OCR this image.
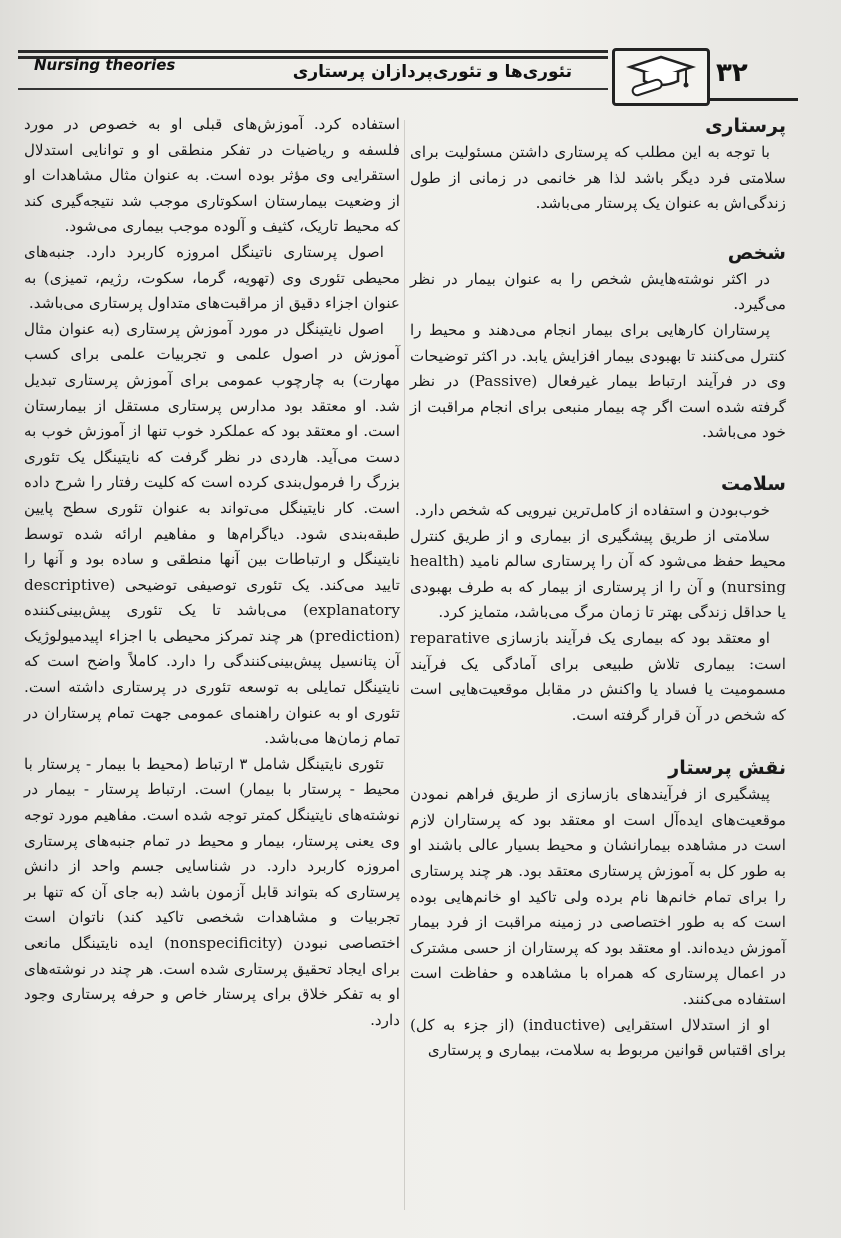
Nursing theories	تئوری‌ها و تئوری‌پردازان پرستاری	۳۲
پرستاری

با توجه به این مطلب که پرستاری داشتن مسئولیت برای سلامتی فرد دیگر باشد لذا هر خانمی در زمانی از طول زندگی‌اش به عنوان یک پرستار می‌باشد.

شخص

در اکثر نوشته‌هایش شخص را به عنوان بیمار در نظر می‌گیرد.

پرستاران کارهایی برای بیمار انجام می‌دهند و محیط را کنترل می‌کنند تا بهبودی بیمار افزایش یابد. در اکثر توضیحات وی در فرآیند ارتباط بیمار غیرفعال (Passive) در نظر گرفته شده است اگر چه بیمار منبعی برای انجام مراقبت از خود می‌باشد.

سلامت

خوب‌بودن و استفاده از کامل‌ترین نیرویی که شخص دارد.

سلامتی از طریق پیشگیری از بیماری و از طریق کنترل محیط حفظ می‌شود که آن را پرستاری سالم نامید (health nursing) و آن را از پرستاری از بیمار که به طرف بهبودی یا حداقل زندگی بهتر تا زمان مرگ می‌باشد، متمایز کرد.

او معتقد بود که بیماری یک فرآیند بازسازی reparative است: بیماری تلاش طبیعی برای آمادگی یک فرآیند مسمومیت یا فساد یا واکنش در مقابل موقعیت‌هایی است که شخص در آن قرار گرفته است.

نقش پرستار

پیشگیری از فرآیندهای بازسازی از طریق فراهم نمودن موقعیت‌های ایده‌آل است او معتقد بود که پرستاران لازم است در مشاهده بیمارانشان و محیط بسیار عالی باشند او به طور کل به آموزش پرستاری معتقد بود. هر چند پرستاری را برای تمام خانم‌ها نام برده ولی تاکید او خانم‌هایی بوده است که به طور اختصاصی در زمینه مراقبت از فرد بیمار آموزش دیده‌اند. او معتقد بود که پرستاران از حسی مشترک در اعمال پرستاری که همراه با مشاهده و حفاظت است استفاده می‌کنند.

او از استدلال استقرایی (inductive) (از جزء به کل) برای اقتباس قوانین مربوط به سلامت، بیماری و پرستاری

استفاده کرد. آموزش‌های قبلی او به خصوص در مورد فلسفه و ریاضیات در تفکر منطقی او و توانایی استدلال استقرایی وی مؤثر بوده است. به عنوان مثال مشاهدات او از وضعیت بیمارستان اسکوتاری موجب شد نتیجه‌گیری کند که محیط تاریک، کثیف و آلوده موجب بیماری می‌شود.

اصول پرستاری ناتینگل امروزه کاربرد دارد. جنبه‌های محیطی تئوری وی (تهویه، گرما، سکوت، رژیم، تمیزی) به عنوان اجزاء دقیق از مراقبت‌های متداول پرستاری می‌باشد.

اصول نایتینگل در مورد آموزش پرستاری (به عنوان مثال آموزش در اصول علمی و تجربیات علمی برای کسب مهارت) به چارچوب عمومی برای آموزش پرستاری تبدیل شد. او معتقد بود مدارس پرستاری مستقل از بیمارستان است. او معتقد بود که عملکرد خوب تنها از آموزش خوب به دست می‌آید. هاردی در نظر گرفت که نایتینگل یک تئوری بزرگ را فرمول‌بندی کرده است که کلیت رفتار را شرح داده است. کار نایتینگل می‌تواند به عنوان تئوری سطح پایین طبقه‌بندی شود. دیاگرام‌ها و مفاهیم ارائه شده توسط نایتینگل و ارتباطات بین آنها منطقی و ساده بود و آنها را تایید می‌کند. یک تئوری توصیفی توضیحی (descriptive explanatory) می‌باشد تا یک تئوری پیش‌بینی‌کننده (prediction) هر چند تمرکز محیطی با اجزاء اپیدمیولوژیک آن پتانسیل پیش‌بینی‌کنندگی را دارد. کاملاً واضح است که نایتینگل تمایلی به توسعه تئوری در پرستاری داشته است. تئوری او به عنوان راهنمای عمومی جهت تمام پرستاران در تمام زمان‌ها می‌باشد.

تئوری نایتینگل شامل ۳ ارتباط (محیط با بیمار - پرستار با محیط - پرستار با بیمار) است. ارتباط پرستار - بیمار در نوشته‌های نایتینگل کمتر توجه شده است. مفاهیم مورد توجه وی یعنی پرستار، بیمار و محیط در تمام جنبه‌های پرستاری امروزه کاربرد دارد. در شناسایی جسم واحد از دانش پرستاری که بتواند قابل آزمون باشد (به جای آن که تنها بر تجربیات و مشاهدات شخصی تاکید کند) ناتوان است اختصاصی نبودن (nonspecificity) ایده نایتینگل مانعی برای ایجاد تحقیق پرستاری شده است. هر چند در نوشته‌های او به تفکر خلاق برای پرستار خاص و حرفه پرستاری وجود دارد.
